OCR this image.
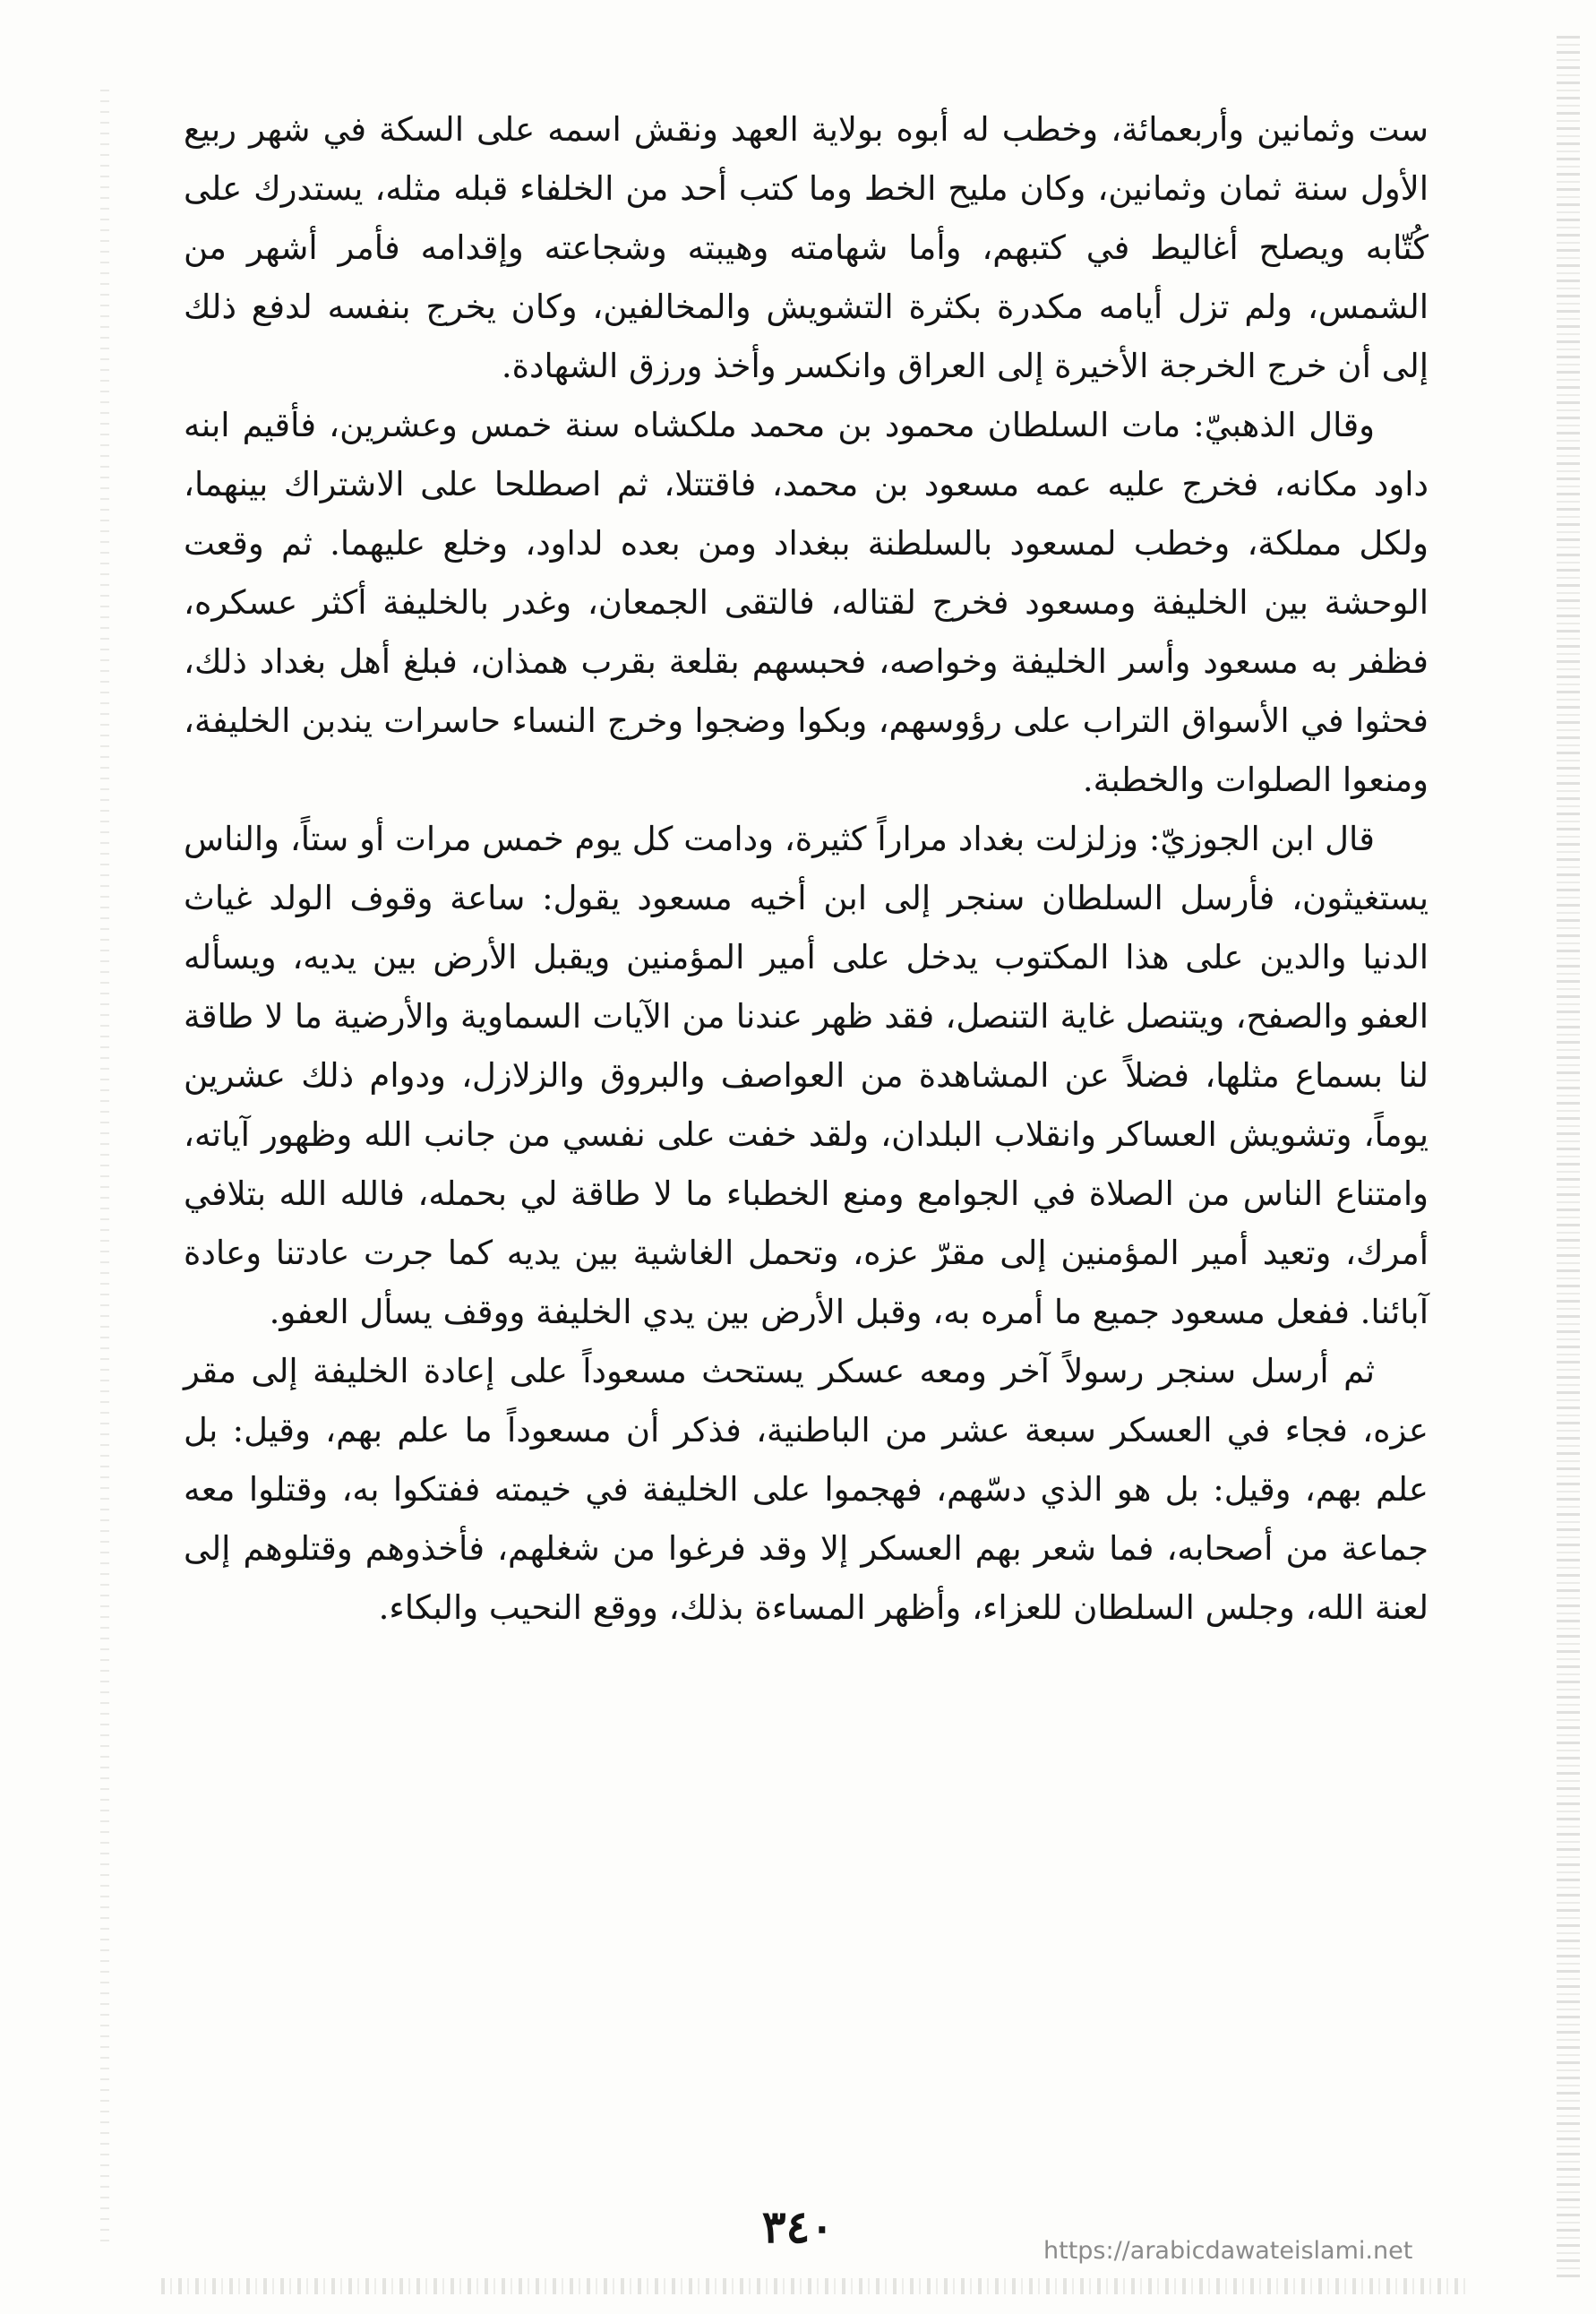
ست وثمانين وأربعمائة، وخطب له أبوه بولاية العهد ونقش اسمه على السكة في شهر ربيع الأول سنة ثمان وثمانين، وكان مليح الخط وما كتب أحد من الخلفاء قبله مثله، يستدرك على كُتّابه ويصلح أغاليط في كتبهم، وأما شهامته وهيبته وشجاعته وإقدامه فأمر أشهر من الشمس، ولم تزل أيامه مكدرة بكثرة التشويش والمخالفين، وكان يخرج بنفسه لدفع ذلك إلى أن خرج الخرجة الأخيرة إلى العراق وانكسر وأخذ ورزق الشهادة.

وقال الذهبيّ: مات السلطان محمود بن محمد ملكشاه سنة خمس وعشرين، فأقيم ابنه داود مكانه، فخرج عليه عمه مسعود بن محمد، فاقتتلا، ثم اصطلحا على الاشتراك بينهما، ولكل مملكة، وخطب لمسعود بالسلطنة ببغداد ومن بعده لداود، وخلع عليهما. ثم وقعت الوحشة بين الخليفة ومسعود فخرج لقتاله، فالتقى الجمعان، وغدر بالخليفة أكثر عسكره، فظفر به مسعود وأسر الخليفة وخواصه، فحبسهم بقلعة بقرب همذان، فبلغ أهل بغداد ذلك، فحثوا في الأسواق التراب على رؤوسهم، وبكوا وضجوا وخرج النساء حاسرات يندبن الخليفة، ومنعوا الصلوات والخطبة.

قال ابن الجوزيّ: وزلزلت بغداد مراراً كثيرة، ودامت كل يوم خمس مرات أو ستاً، والناس يستغيثون، فأرسل السلطان سنجر إلى ابن أخيه مسعود يقول: ساعة وقوف الولد غياث الدنيا والدين على هذا المكتوب يدخل على أمير المؤمنين ويقبل الأرض بين يديه، ويسأله العفو والصفح، ويتنصل غاية التنصل، فقد ظهر عندنا من الآيات السماوية والأرضية ما لا طاقة لنا بسماع مثلها، فضلاً عن المشاهدة من العواصف والبروق والزلازل، ودوام ذلك عشرين يوماً، وتشويش العساكر وانقلاب البلدان، ولقد خفت على نفسي من جانب الله وظهور آياته، وامتناع الناس من الصلاة في الجوامع ومنع الخطباء ما لا طاقة لي بحمله، فالله الله بتلافي أمرك، وتعيد أمير المؤمنين إلى مقرّ عزه، وتحمل الغاشية بين يديه كما جرت عادتنا وعادة آبائنا. ففعل مسعود جميع ما أمره به، وقبل الأرض بين يدي الخليفة ووقف يسأل العفو.

ثم أرسل سنجر رسولاً آخر ومعه عسكر يستحث مسعوداً على إعادة الخليفة إلى مقر عزه، فجاء في العسكر سبعة عشر من الباطنية، فذكر أن مسعوداً ما علم بهم، وقيل: بل علم بهم، وقيل: بل هو الذي دسّهم، فهجموا على الخليفة في خيمته ففتكوا به، وقتلوا معه جماعة من أصحابه، فما شعر بهم العسكر إلا وقد فرغوا من شغلهم، فأخذوهم وقتلوهم إلى لعنة الله، وجلس السلطان للعزاء، وأظهر المساءة بذلك، ووقع النحيب والبكاء.

٣٤٠	https://arabicdawateislami.net
